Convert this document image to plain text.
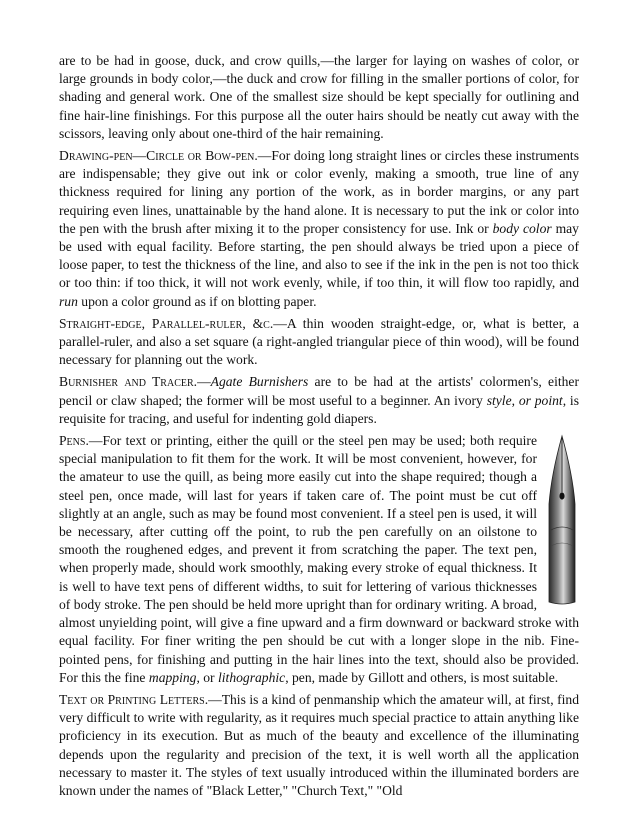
are to be had in goose, duck, and crow quills,—the larger for laying on washes of color, or large grounds in body color,—the duck and crow for filling in the smaller portions of color, for shading and general work. One of the smallest size should be kept specially for outlining and fine hair-line finishings. For this purpose all the outer hairs should be neatly cut away with the scissors, leaving only about one-third of the hair remaining.

Drawing-pen—Circle or Bow-pen.—For doing long straight lines or circles these instruments are indispensable; they give out ink or color evenly, making a smooth, true line of any thickness required for lining any portion of the work, as in border margins, or any part requiring even lines, unattainable by the hand alone. It is necessary to put the ink or color into the pen with the brush after mixing it to the proper consistency for use. Ink or body color may be used with equal facility. Before starting, the pen should always be tried upon a piece of loose paper, to test the thickness of the line, and also to see if the ink in the pen is not too thick or too thin: if too thick, it will not work evenly, while, if too thin, it will flow too rapidly, and run upon a color ground as if on blotting paper.

Straight-edge, Parallel-ruler, &c.—A thin wooden straight-edge, or, what is better, a parallel-ruler, and also a set square (a right-angled triangular piece of thin wood), will be found necessary for planning out the work.

Burnisher and Tracer.—Agate Burnishers are to be had at the artists' colormen's, either pencil or claw shaped; the former will be most useful to a beginner. An ivory style, or point, is requisite for tracing, and useful for indenting gold diapers.

Pens.—For text or printing, either the quill or the steel pen may be used; both require special manipulation to fit them for the work. It will be most convenient, however, for the amateur to use the quill, as being more easily cut into the shape required; though a steel pen, once made, will last for years if taken care of. The point must be cut off slightly at an angle, such as may be found most convenient. If a steel pen is used, it will be necessary, after cutting off the point, to rub the pen carefully on an oilstone to smooth the roughened edges, and prevent it from scratching the paper. The text pen, when properly made, should work smoothly, making every stroke of equal thickness. It is well to have text pens of different widths, to suit for lettering of various thicknesses of body stroke. The pen should be held more upright than for ordinary writing. A broad, almost unyielding point, will give a fine upward and a firm downward or backward stroke with equal facility. For finer writing the pen should be cut with a longer slope in the nib. Fine-pointed pens, for finishing and putting in the hair lines into the text, should also be provided. For this the fine mapping, or lithographic, pen, made by Gillott and others, is most suitable.

Text or Printing Letters.—This is a kind of penmanship which the amateur will, at first, find very difficult to write with regularity, as it requires much special practice to attain anything like proficiency in its execution. But as much of the beauty and excellence of the illuminating depends upon the regularity and precision of the text, it is well worth all the application necessary to master it. The styles of text usually introduced within the illuminated borders are known under the names of "Black Letter," "Church Text," "Old
